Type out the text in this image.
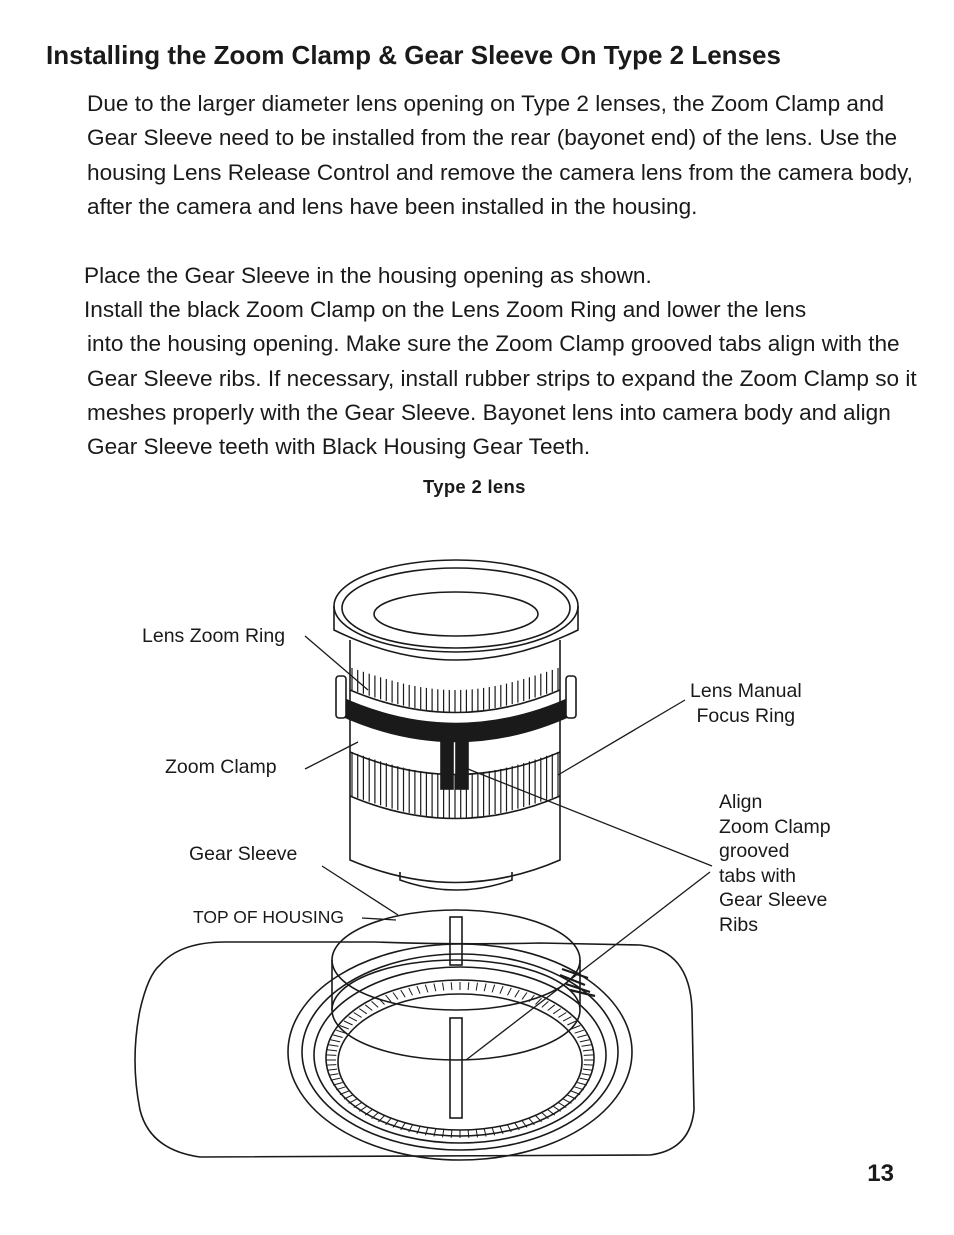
Installing the Zoom Clamp & Gear Sleeve On Type 2 Lenses

Due to the larger diameter lens opening on Type 2 lenses, the Zoom Clamp and Gear Sleeve need to be installed from the rear (bayonet end) of the lens. Use the housing Lens Release Control and remove the camera lens from the camera body, after the camera and lens have been installed in the housing.

Place the Gear Sleeve in the housing opening as shown.

Install the black Zoom Clamp on the Lens Zoom Ring and lower the lens
into the housing opening. Make sure the Zoom Clamp grooved tabs align with the Gear Sleeve ribs. If necessary, install rubber strips to expand the Zoom Clamp so it meshes properly with the Gear Sleeve. Bayonet lens into camera body and align Gear Sleeve teeth with Black Housing Gear Teeth.

Type 2 lens
Lens Zoom Ring
Lens Manual
Focus Ring
Zoom Clamp
Gear Sleeve
TOP OF HOUSING
Align
Zoom Clamp
grooved
tabs with
Gear Sleeve
Ribs
13
